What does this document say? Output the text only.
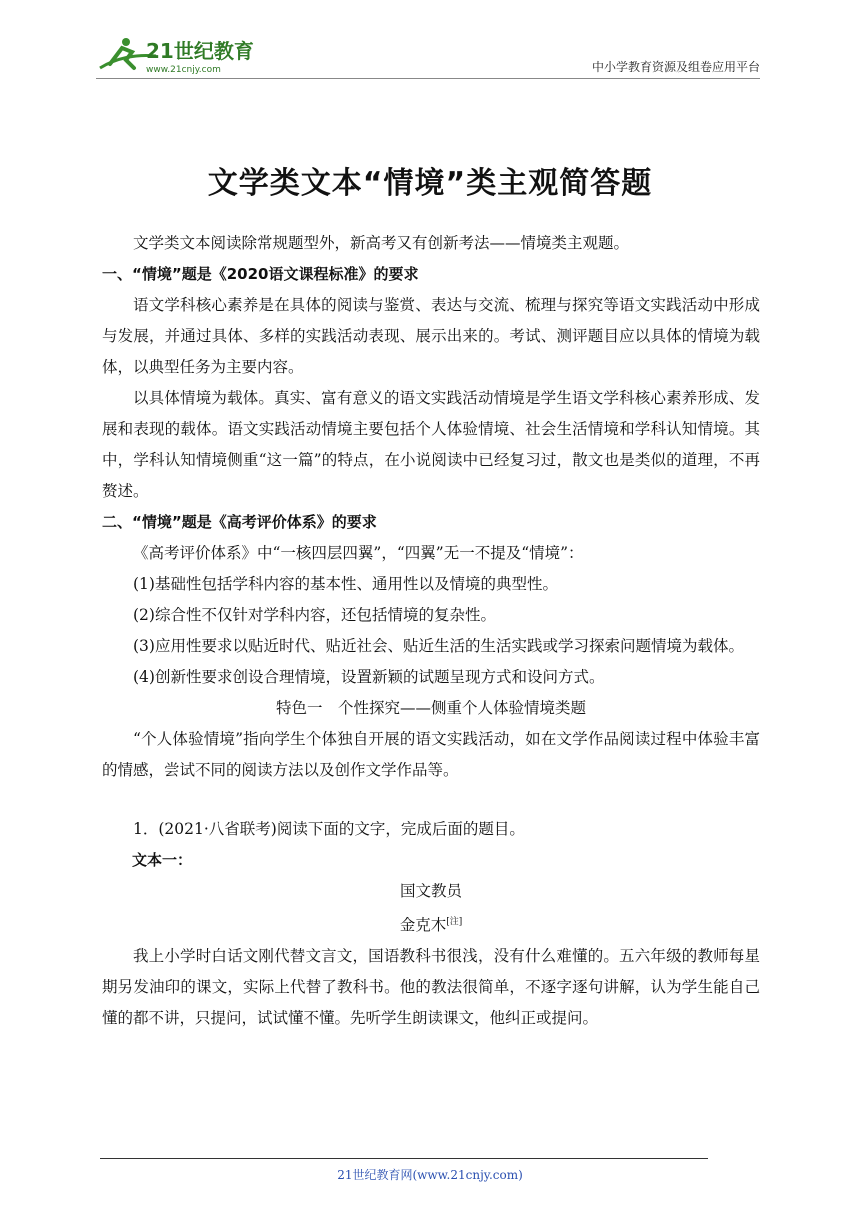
21世纪教育
www.21cnjy.com	中小学教育资源及组卷应用平台
文学类文本“情境”类主观简答题

文学类文本阅读除常规题型外，新高考又有创新考法——情境类主观题。

一、“情境”题是《2020语文课程标准》的要求

语文学科核心素养是在具体的阅读与鉴赏、表达与交流、梳理与探究等语文实践活动中形成与发展，并通过具体、多样的实践活动表现、展示出来的。考试、测评题目应以具体的情境为载体，以典型任务为主要内容。

以具体情境为载体。真实、富有意义的语文实践活动情境是学生语文学科核心素养形成、发展和表现的载体。语文实践活动情境主要包括个人体验情境、社会生活情境和学科认知情境。其中，学科认知情境侧重“这一篇”的特点，在小说阅读中已经复习过，散文也是类似的道理，不再赘述。

二、“情境”题是《高考评价体系》的要求

《高考评价体系》中“一核四层四翼”，“四翼”无一不提及“情境”：

(1)基础性包括学科内容的基本性、通用性以及情境的典型性。

(2)综合性不仅针对学科内容，还包括情境的复杂性。

(3)应用性要求以贴近时代、贴近社会、贴近生活的生活实践或学习探索问题情境为载体。

(4)创新性要求创设合理情境，设置新颖的试题呈现方式和设问方式。

特色一　个性探究——侧重个人体验情境类题

“个人体验情境”指向学生个体独自开展的语文实践活动，如在文学作品阅读过程中体验丰富的情感，尝试不同的阅读方法以及创作文学作品等。

1．(2021·八省联考)阅读下面的文字，完成后面的题目。

文本一：

国文教员

金克木[注]

我上小学时白话文刚代替文言文，国语教科书很浅，没有什么难懂的。五六年级的教师每星期另发油印的课文，实际上代替了教科书。他的教法很简单，不逐字逐句讲解，认为学生能自己懂的都不讲，只提问，试试懂不懂。先听学生朗读课文，他纠正或提问。

21世纪教育网(www.21cnjy.com)
